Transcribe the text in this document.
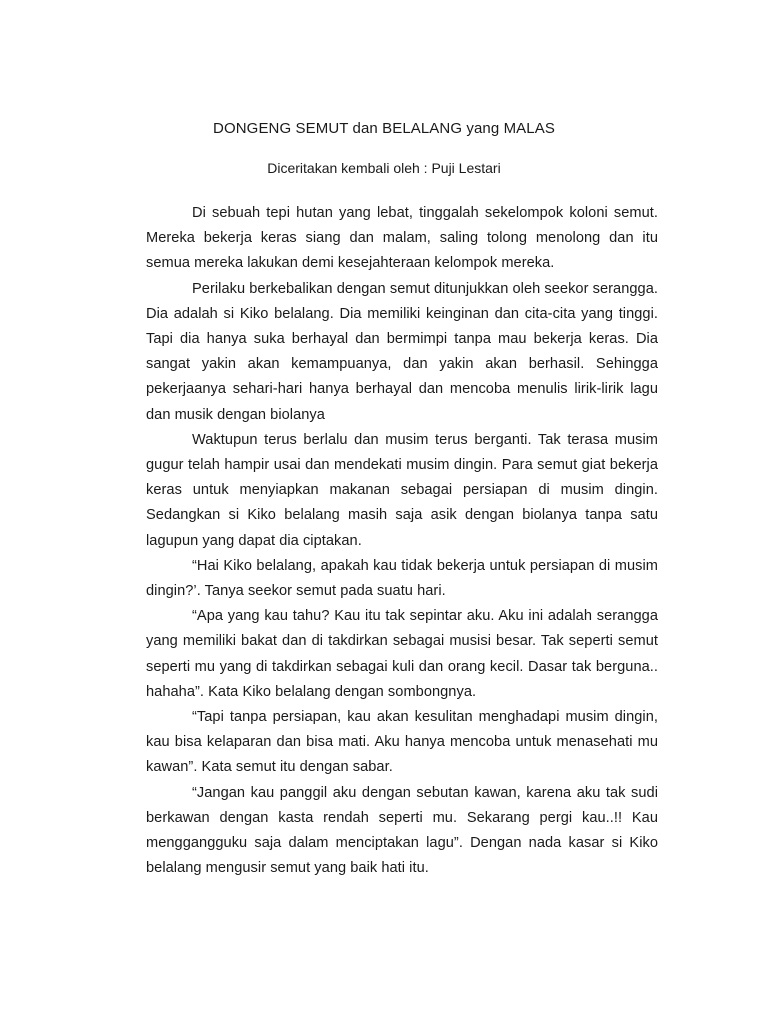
DONGENG SEMUT dan BELALANG yang MALAS

Diceritakan kembali oleh : Puji Lestari

Di sebuah tepi hutan yang lebat, tinggalah sekelompok koloni semut. Mereka bekerja keras siang dan malam, saling tolong menolong dan itu semua mereka lakukan demi kesejahteraan kelompok mereka.

Perilaku berkebalikan dengan semut ditunjukkan oleh seekor serangga. Dia adalah si Kiko belalang. Dia memiliki keinginan dan cita-cita yang tinggi. Tapi dia hanya suka berhayal dan bermimpi tanpa mau bekerja keras. Dia sangat yakin akan kemampuanya, dan yakin akan berhasil. Sehingga pekerjaanya sehari-hari hanya berhayal dan mencoba menulis lirik-lirik lagu dan musik dengan biolanya

Waktupun terus berlalu dan musim terus berganti. Tak terasa musim gugur telah hampir usai dan mendekati musim dingin. Para semut giat bekerja keras untuk menyiapkan makanan sebagai persiapan di musim dingin. Sedangkan si Kiko belalang masih saja asik dengan biolanya tanpa satu lagupun yang dapat dia ciptakan.

“Hai Kiko belalang, apakah kau tidak bekerja untuk persiapan di musim dingin?’. Tanya seekor semut pada suatu hari.

“Apa yang kau tahu? Kau itu tak sepintar aku. Aku ini adalah serangga yang memiliki bakat dan di takdirkan sebagai musisi besar. Tak seperti semut seperti mu yang di takdirkan sebagai kuli dan orang kecil. Dasar tak berguna.. hahaha”. Kata Kiko belalang dengan sombongnya.

“Tapi tanpa persiapan, kau akan kesulitan menghadapi musim dingin, kau bisa kelaparan dan bisa mati. Aku hanya mencoba untuk menasehati mu kawan”. Kata semut itu dengan sabar.

“Jangan kau panggil aku dengan sebutan kawan, karena aku tak sudi berkawan dengan kasta rendah seperti mu. Sekarang pergi kau..!! Kau menggangguku saja dalam menciptakan lagu”. Dengan nada kasar si Kiko belalang mengusir semut yang baik hati itu.
